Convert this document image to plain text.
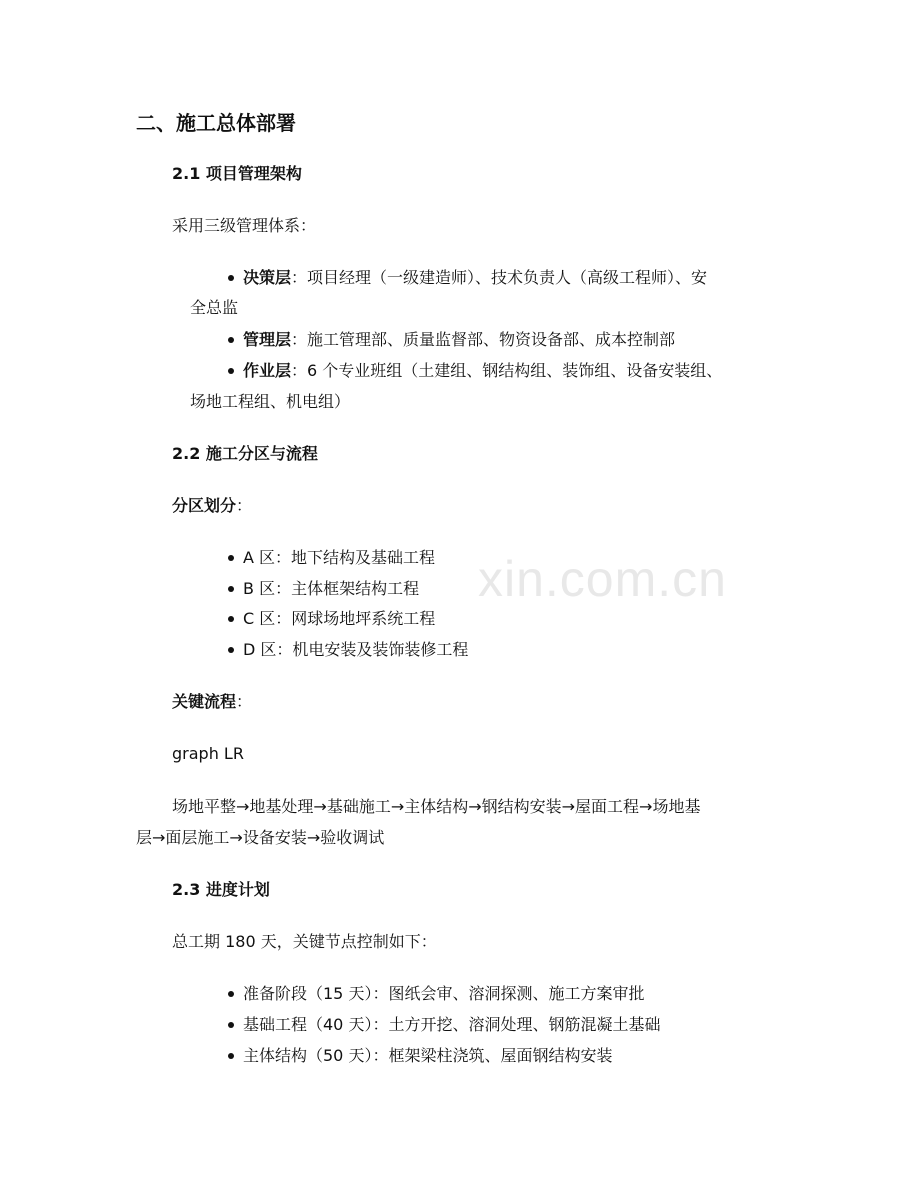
xin.com.cn
二、施工总体部署
2.1 项目管理架构

采用三级管理体系：

决策层：项目经理（一级建造师）、技术负责人（高级工程师）、安

全总监

管理层：施工管理部、质量监督部、物资设备部、成本控制部

作业层：6 个专业班组（土建组、钢结构组、装饰组、设备安装组、

场地工程组、机电组）

2.2 施工分区与流程

分区划分：

A 区：地下结构及基础工程

B 区：主体框架结构工程

C 区：网球场地坪系统工程

D 区：机电安装及装饰装修工程

关键流程：

graph LR

场地平整→地基处理→基础施工→主体结构→钢结构安装→屋面工程→场地基

层→面层施工→设备安装→验收调试

2.3 进度计划

总工期 180 天，关键节点控制如下：

准备阶段（15 天）：图纸会审、溶洞探测、施工方案审批

基础工程（40 天）：土方开挖、溶洞处理、钢筋混凝土基础

主体结构（50 天）：框架梁柱浇筑、屋面钢结构安装
